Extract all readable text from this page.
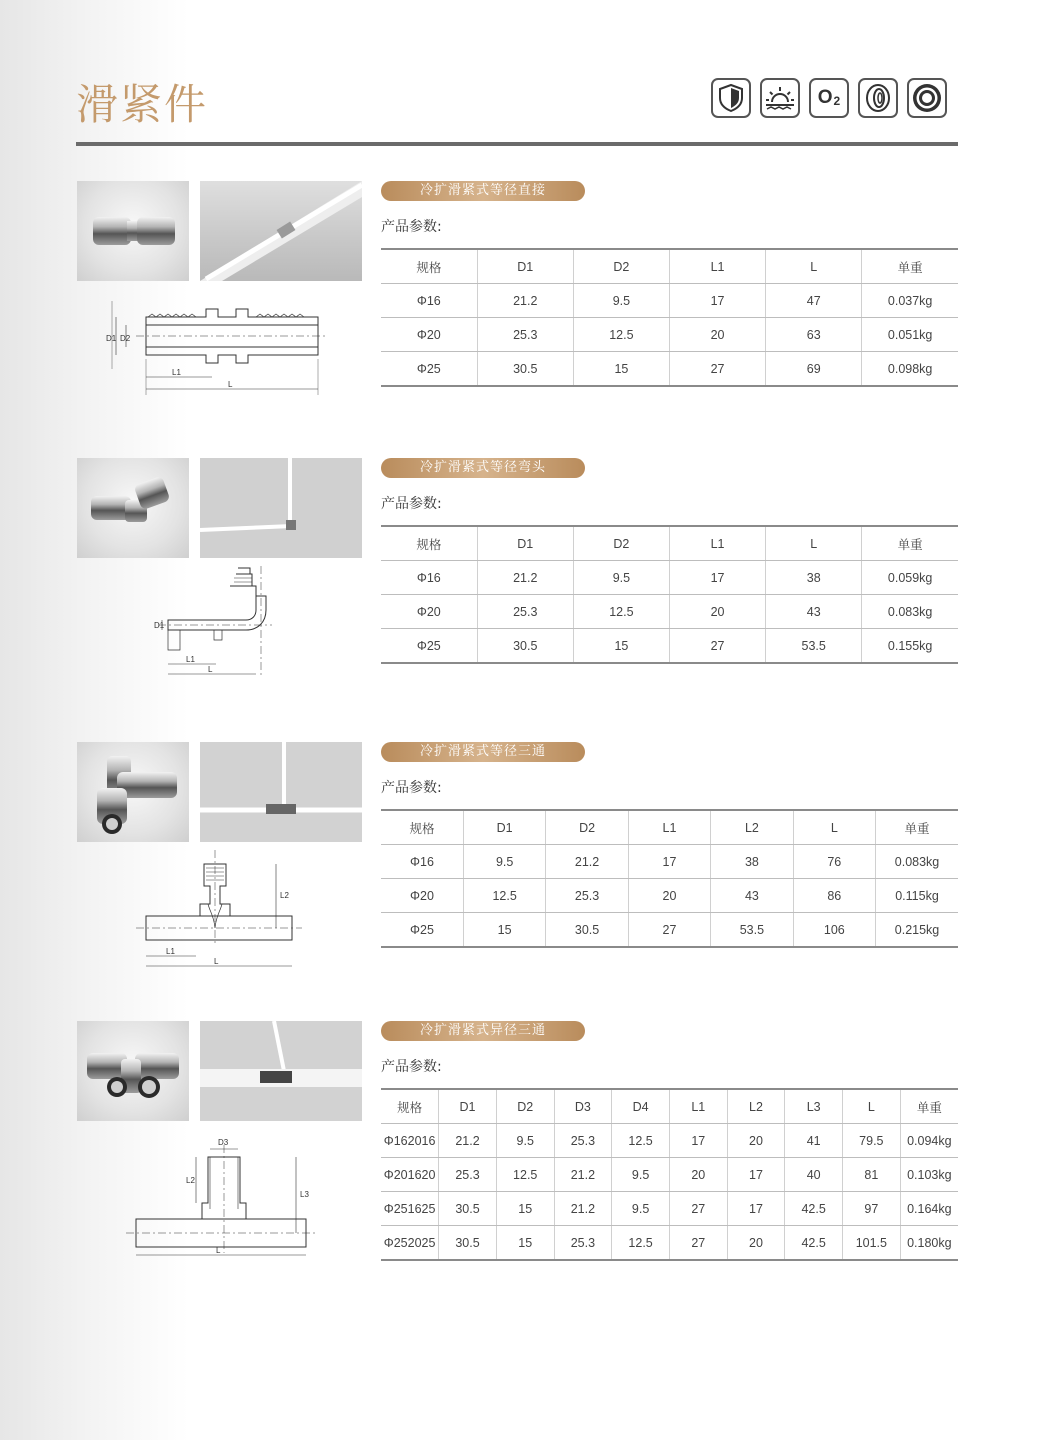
滑紧件	O 2
D1 D2
L1
L
冷扩滑紧式等径直接
产品参数:
规格	D1	D2	L1	L	单重
Φ16	21.2	9.5	17	47	0.037kg
Φ20	25.3	12.5	20	63	0.051kg
Φ25	30.5	15	27	69	0.098kg
D1
L1
L
冷扩滑紧式等径弯头
产品参数:
规格	D1	D2	L1	L	单重
Φ16	21.2	9.5	17	38	0.059kg
Φ20	25.3	12.5	20	43	0.083kg
Φ25	30.5	15	27	53.5	0.155kg
L1
L2
L
冷扩滑紧式等径三通
产品参数:
规格	D1	D2	L1	L2	L	单重
Φ16	9.5	21.2	17	38	76	0.083kg
Φ20	12.5	25.3	20	43	86	0.115kg
Φ25	15	30.5	27	53.5	106	0.215kg
D3
L2
L3
L
冷扩滑紧式异径三通
产品参数:
规格	D1	D2	D3	D4	L1	L2	L3	L	单重
Φ162016	21.2	9.5	25.3	12.5	17	20	41	79.5	0.094kg
Φ201620	25.3	12.5	21.2	9.5	20	17	40	81	0.103kg
Φ251625	30.5	15	21.2	9.5	27	17	42.5	97	0.164kg
Φ252025	30.5	15	25.3	12.5	27	20	42.5	101.5	0.180kg
